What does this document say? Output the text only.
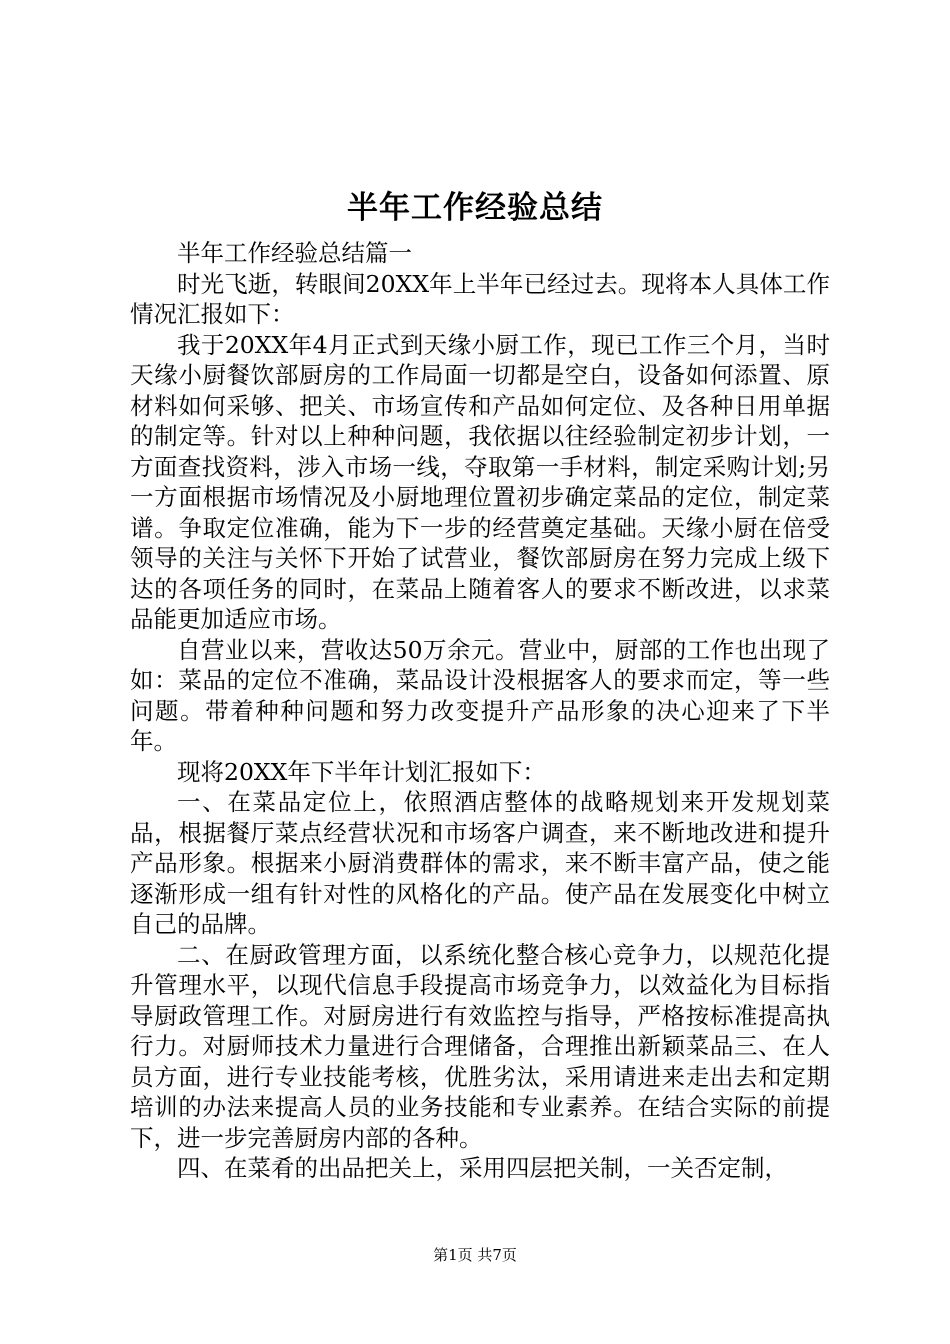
半年工作经验总结

半年工作经验总结篇一

时光飞逝，转眼间20XX年上半年已经过去。现将本人具体工作情况汇报如下：

我于20XX年4月正式到天缘小厨工作，现已工作三个月，当时天缘小厨餐饮部厨房的工作局面一切都是空白，设备如何添置、原材料如何采够、把关、市场宣传和产品如何定位、及各种日用单据的制定等。针对以上种种问题，我依据以往经验制定初步计划，一方面查找资料，涉入市场一线，夺取第一手材料，制定采购计划;另一方面根据市场情况及小厨地理位置初步确定菜品的定位，制定菜谱。争取定位准确，能为下一步的经营奠定基础。天缘小厨在倍受领导的关注与关怀下开始了试营业，餐饮部厨房在努力完成上级下达的各项任务的同时，在菜品上随着客人的要求不断改进，以求菜品能更加适应市场。

自营业以来，营收达50万余元。营业中，厨部的工作也出现了如：菜品的定位不准确，菜品设计没根据客人的要求而定，等一些问题。带着种种问题和努力改变提升产品形象的决心迎来了下半年。

现将20XX年下半年计划汇报如下：

一、在菜品定位上，依照酒店整体的战略规划来开发规划菜品，根据餐厅菜点经营状况和市场客户调查，来不断地改进和提升产品形象。根据来小厨消费群体的需求，来不断丰富产品，使之能逐渐形成一组有针对性的风格化的产品。使产品在发展变化中树立自己的品牌。

二、在厨政管理方面，以系统化整合核心竞争力，以规范化提升管理水平，以现代信息手段提高市场竞争力，以效益化为目标指导厨政管理工作。对厨房进行有效监控与指导，严格按标准提高执行力。对厨师技术力量进行合理储备，合理推出新颖菜品三、在人员方面，进行专业技能考核，优胜劣汰，采用请进来走出去和定期培训的办法来提高人员的业务技能和专业素养。在结合实际的前提下，进一步完善厨房内部的各种。

四、在菜肴的出品把关上，采用四层把关制，一关否定制，

第1页 共7页
